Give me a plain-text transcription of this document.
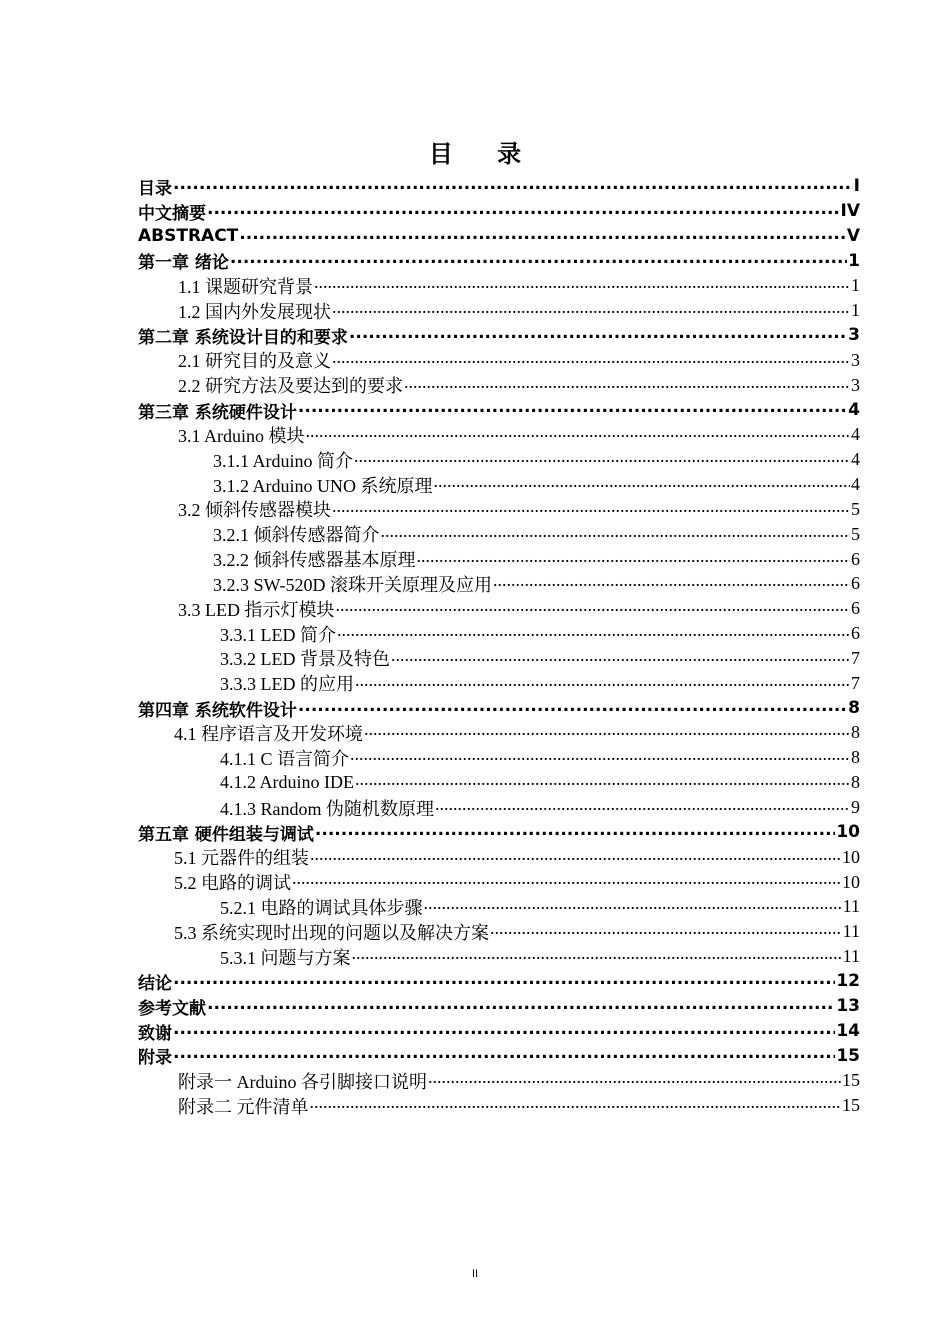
目 录
目录 .....	I
中文摘要 .....	IV
ABSTRACT .....	V
第一章 绪论 .....	1
1.1 课题研究背景 .....	1
1.2 国内外发展现状 .....	1
第二章 系统设计目的和要求 .....	3
2.1 研究目的及意义 .....	3
2.2 研究方法及要达到的要求 .....	3
第三章 系统硬件设计 .....	4
3.1 Arduino 模块 .....	4
3.1.1 Arduino 简介 .....	4
3.1.2 Arduino UNO 系统原理 .....	4
3.2 倾斜传感器模块 .....	5
3.2.1 倾斜传感器简介 .....	5
3.2.2 倾斜传感器基本原理 .....	6
3.2.3 SW-520D 滚珠开关原理及应用 .....	6
3.3 LED 指示灯模块 .....	6
3.3.1 LED 简介 .....	6
3.3.2 LED 背景及特色 .....	7
3.3.3 LED 的应用 .....	7
第四章 系统软件设计 .....	8
4.1 程序语言及开发环境 .....	8
4.1.1 C 语言简介 .....	8
4.1.2 Arduino IDE .....	8
4.1.3 Random 伪随机数原理 .....	9
第五章 硬件组装与调试 .....	10
5.1 元器件的组装 .....	10
5.2 电路的调试 .....	10
5.2.1 电路的调试具体步骤 .....	11
5.3 系统实现时出现的问题以及解决方案 .....	11
5.3.1 问题与方案 .....	11
结论 .....	12
参考文献 .....	13
致谢 .....	14
附录 .....	15
附录一 Arduino 各引脚接口说明 .....	15
附录二 元件清单 .....	15
II
